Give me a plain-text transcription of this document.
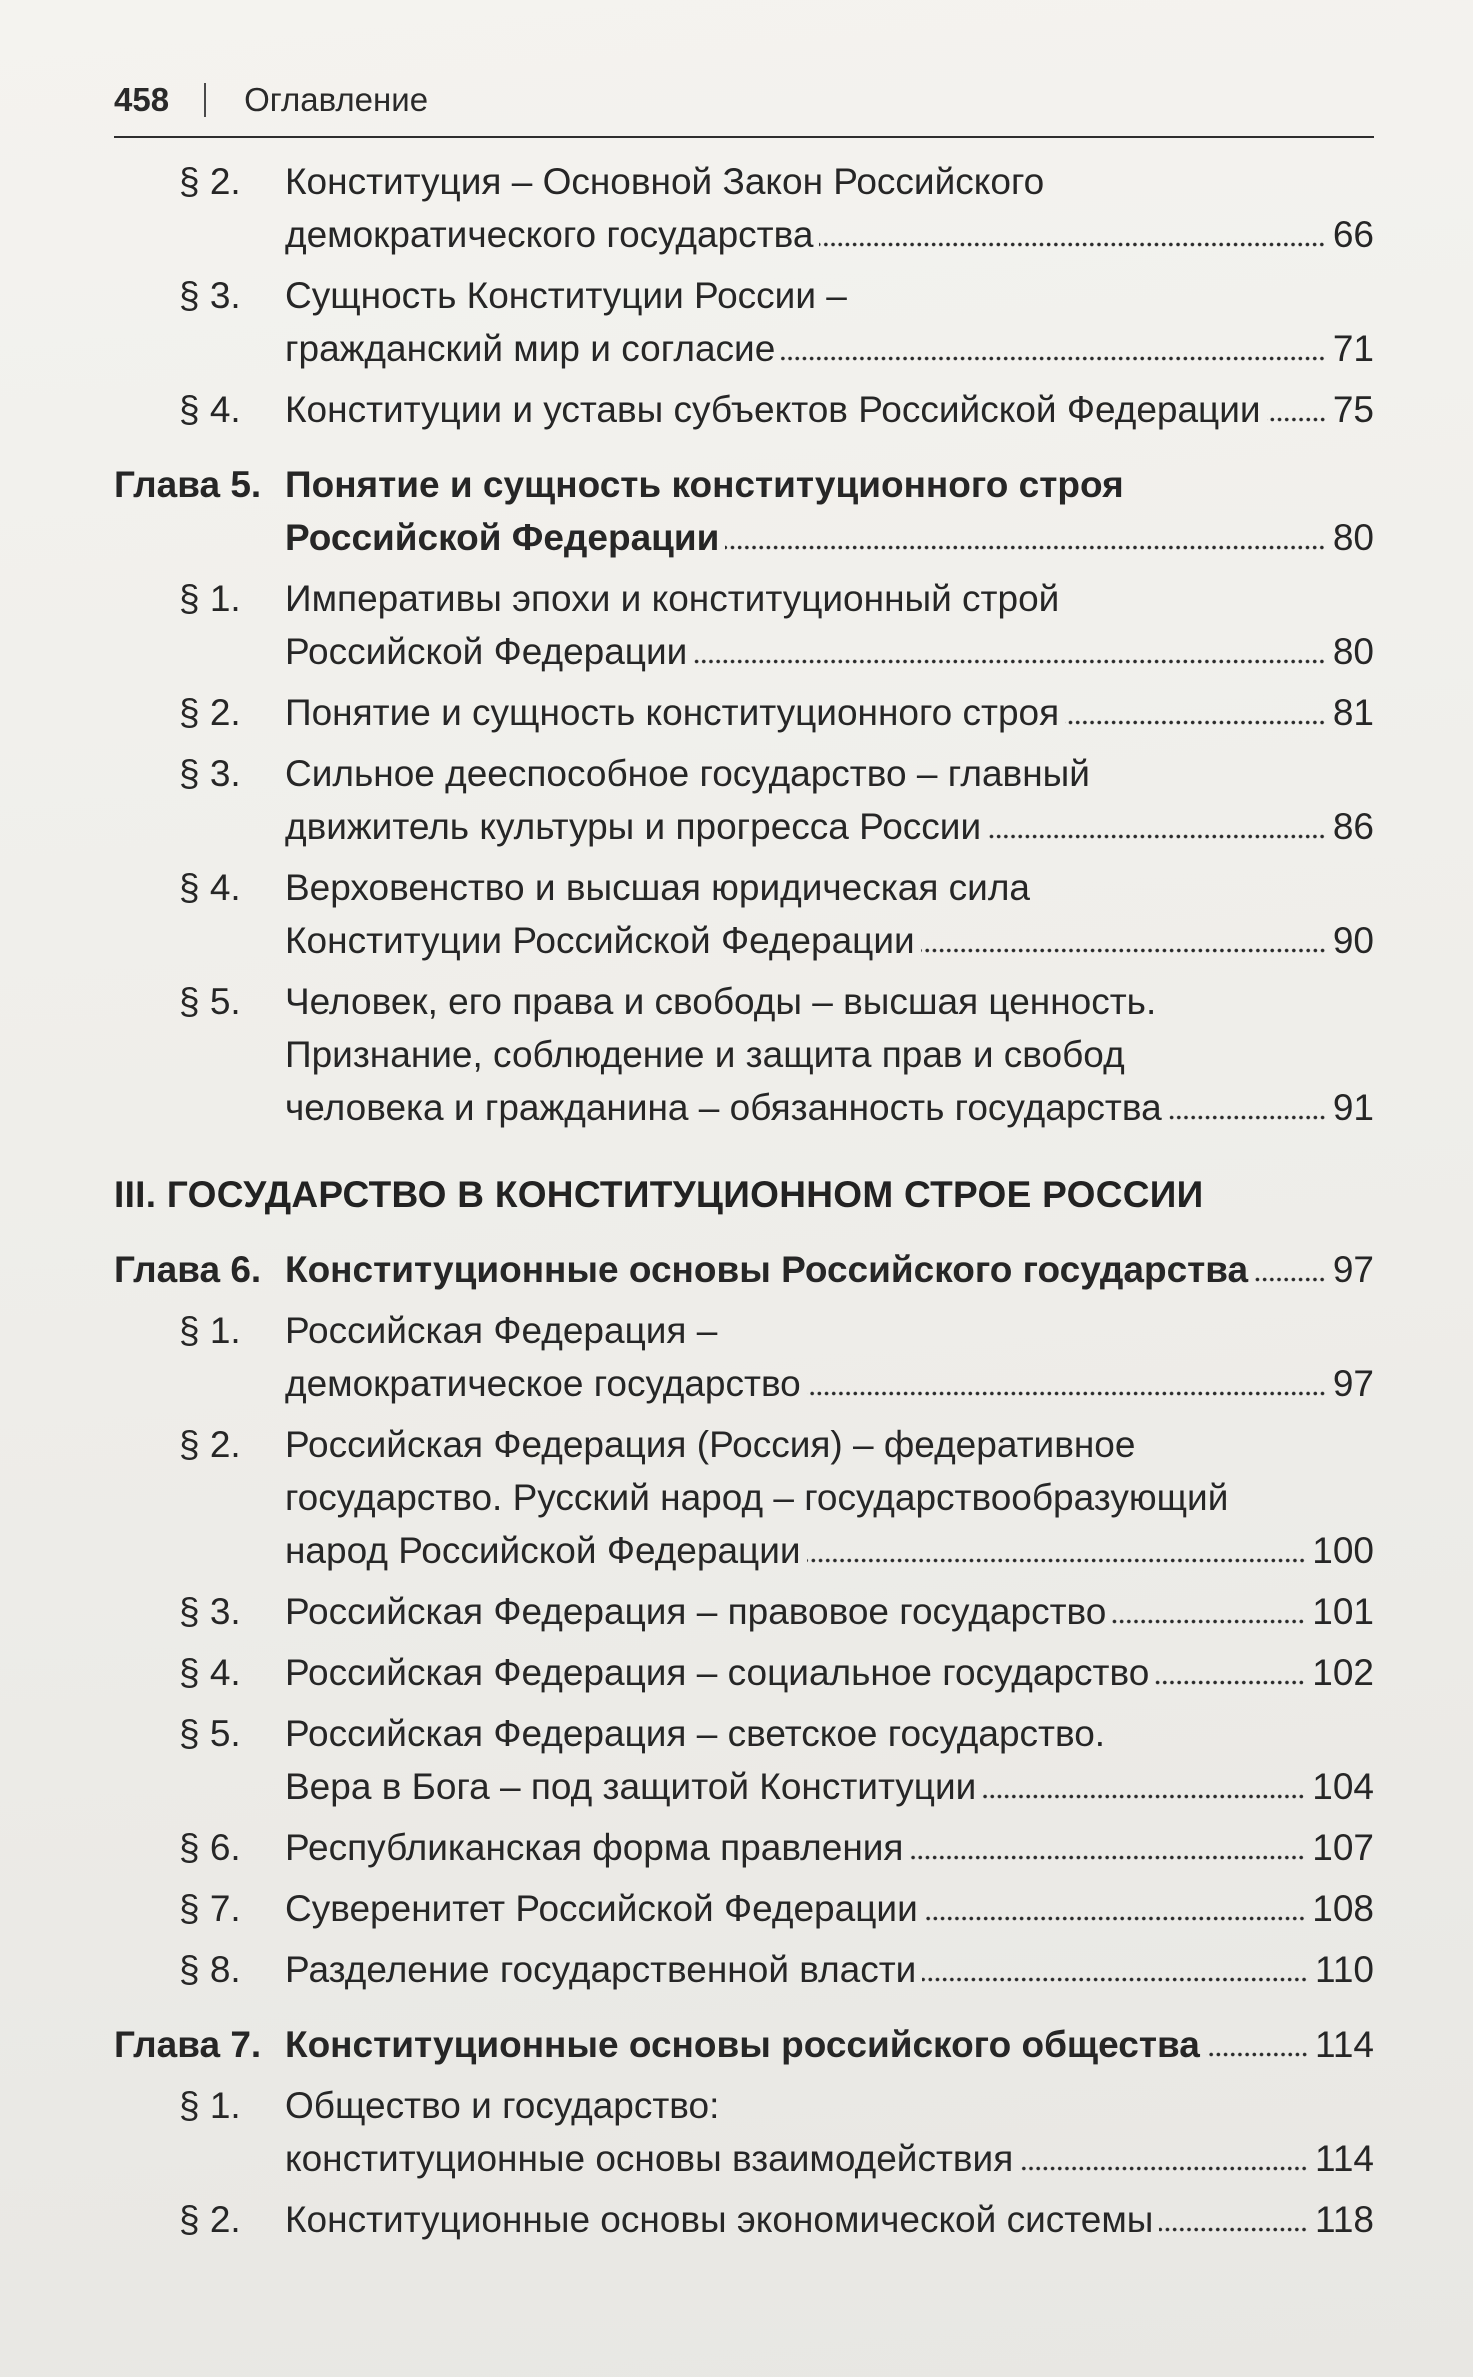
458 Оглавление
§ 2. Конституция – Основной Закон Российского
демократического государства	66
§ 3. Сущность Конституции России –
гражданский мир и согласие	71
§ 4. Конституции и уставы субъектов Российской Федерации 75
Глава 5. Понятие и сущность конституционного строя
Российской Федерации	80
§ 1. Императивы эпохи и конституционный строй
Российской Федерации	80
§ 2. Понятие и сущность конституционного строя	81
§ 3. Сильное дееспособное государство – главный
движитель культуры и прогресса России	86
§ 4. Верховенство и высшая юридическая сила
Конституции Российской Федерации	90
§ 5. Человек, его права и свободы – высшая ценность.
Признание, соблюдение и защита прав и свобод
человека и гражданина – обязанность государства	91
III. ГОСУДАРСТВО В КОНСТИТУЦИОННОМ СТРОЕ РОССИИ
Глава 6. Конституционные основы Российского государства 97
§ 1. Российская Федерация –
демократическое государство	97
§ 2. Российская Федерация (Россия) – федеративное
государство. Русский народ – государствообразующий
народ Российской Федерации	100
§ 3. Российская Федерация – правовое государство	101
§ 4. Российская Федерация – социальное государство	102
§ 5. Российская Федерация – светское государство.
Вера в Бога – под защитой Конституции	104
§ 6. Республиканская форма правления	107
§ 7. Суверенитет Российской Федерации	108
§ 8. Разделение государственной власти	110
Глава 7. Конституционные основы российского общества	114
§ 1. Общество и государство:
конституционные основы взаимодействия	114
§ 2. Конституционные основы экономической системы	118
